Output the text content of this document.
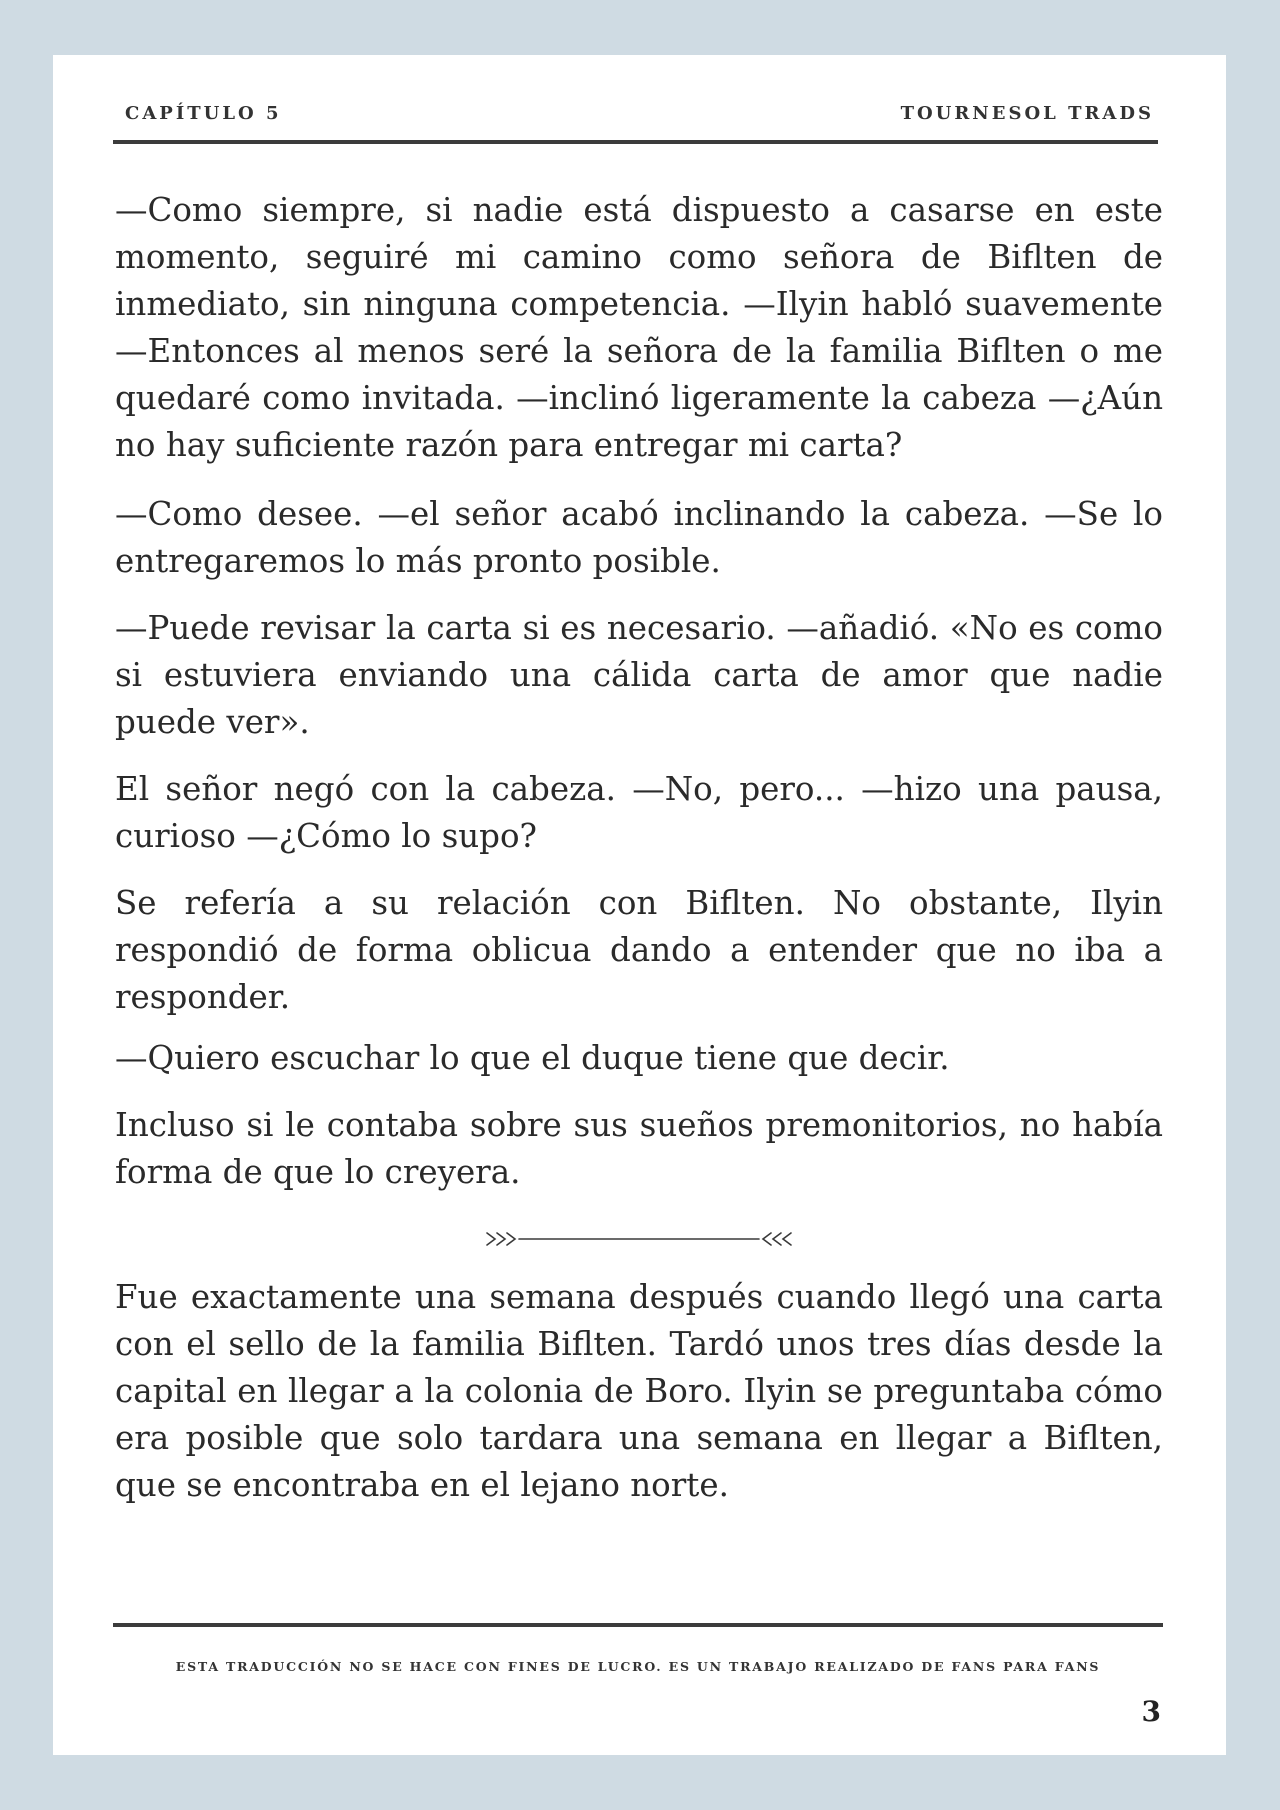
CAPÍTULO 5	TOURNESOL TRADS

—Como siempre, si nadie está dispuesto a casarse en este momento, seguiré mi camino como señora de Biflten de inmediato, sin ninguna competencia. —Ilyin habló suavemente —Entonces al menos seré la señora de la familia Biflten o me quedaré como invitada. —inclinó ligeramente la cabeza —¿Aún no hay suficiente razón para entregar mi carta?

—Como desee. —el señor acabó inclinando la cabeza. —Se lo entregaremos lo más pronto posible.

—Puede revisar la carta si es necesario. —añadió. «No es como si estuviera enviando una cálida carta de amor que nadie puede ver».

El señor negó con la cabeza. —No, pero... —hizo una pausa, curioso —¿Cómo lo supo?

Se refería a su relación con Biflten. No obstante, Ilyin respondió de forma oblicua dando a entender que no iba a responder.

—Quiero escuchar lo que el duque tiene que decir.

Incluso si le contaba sobre sus sueños premonitorios, no había forma de que lo creyera.

Fue exactamente una semana después cuando llegó una carta con el sello de la familia Biflten. Tardó unos tres días desde la capital en llegar a la colonia de Boro. Ilyin se preguntaba cómo era posible que solo tardara una semana en llegar a Biflten, que se encontraba en el lejano norte.

ESTA TRADUCCIÓN NO SE HACE CON FINES DE LUCRO. ES UN TRABAJO REALIZADO DE FANS PARA FANS
3
